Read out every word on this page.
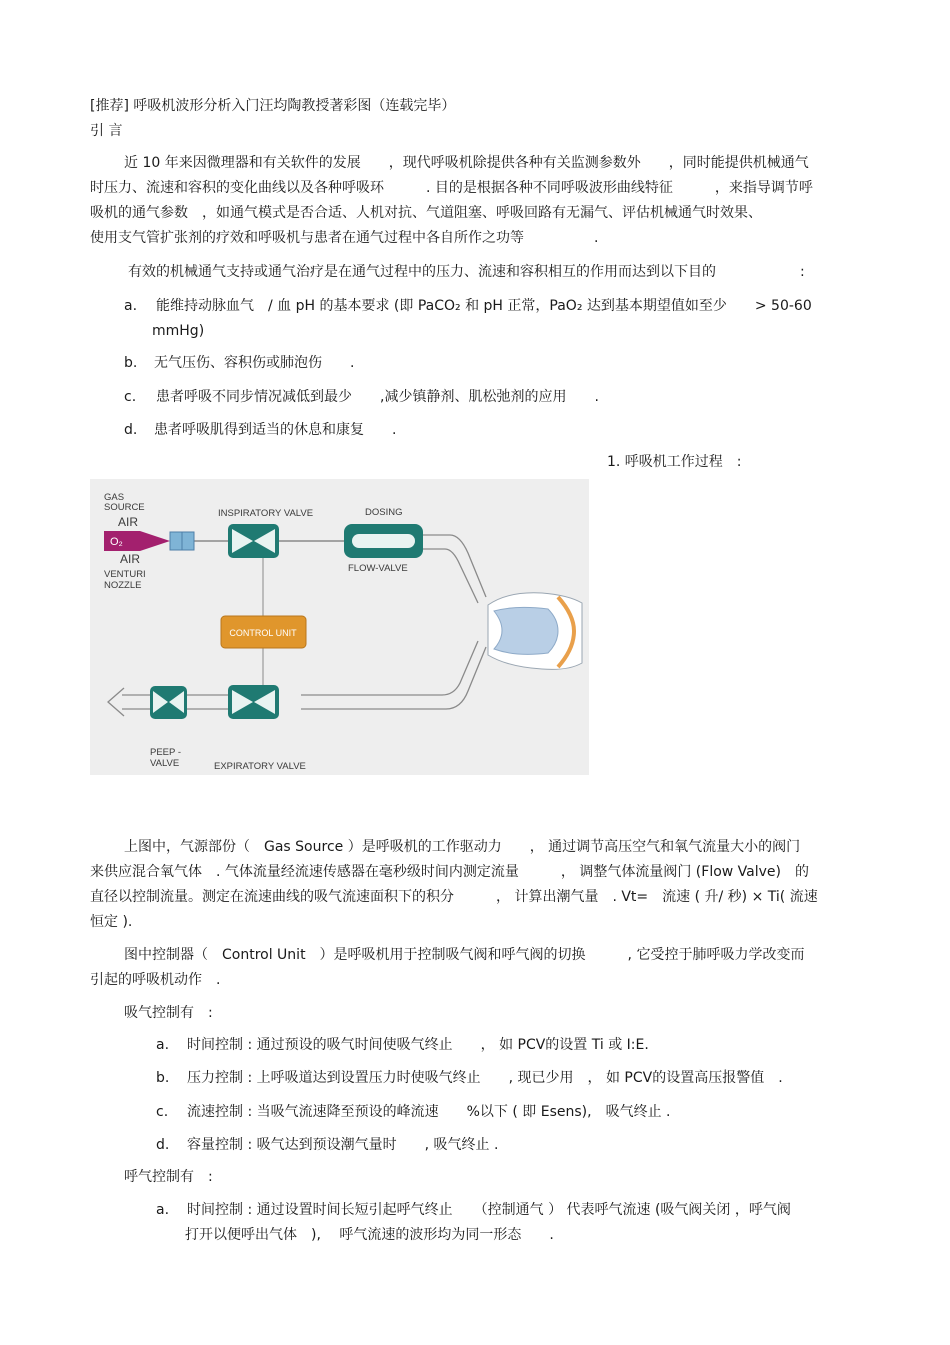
[推荐] 呼吸机波形分析入门汪均陶教授著彩图（连载完毕）
引 言
近 10 年来因微理器和有关软件的发展　　，现代呼吸机除提供各种有关监测参数外　　，同时能提供机械通气
时压力、流速和容积的变化曲线以及各种呼吸环　　　. 目的是根据各种不同呼吸波形曲线特征　　　，来指导调节呼
吸机的通气参数　，如通气模式是否合适、人机对抗、气道阻塞、呼吸回路有无漏气、评估机械通气时效果、
使用支气管扩张剂的疗效和呼吸机与患者在通气过程中各自所作之功等　　　　　.
有效的机械通气支持或通气治疗是在通气过程中的压力、流速和容积相互的作用而达到以下目的　　　　　　:
a. 能维持动脉血气　/ 血 pH 的基本要求 (即 PaCO₂ 和 pH 正常，PaO₂ 达到基本期望值如至少　　> 50-60
mmHg)
b. 无气压伤、容积伤或肺泡伤　　.
c. 患者呼吸不同步情况减低到最少　　,减少镇静剂、肌松弛剂的应用　　.
d. 患者呼吸肌得到适当的休息和康复　　.
1. 呼吸机工作过程　:
O₂
GAS
SOURCE
AIR
AIR
VENTURI
NOZZLE
INSPIRATORY VALVE	DOSING
FLOW-VALVE
CONTROL UNIT
EXPIRATORY VALVE
PEEP -
VALVE
上图中，气源部份（　Gas Source ）是呼吸机的工作驱动力　　， 通过调节高压空气和氧气流量大小的阀门
来供应混合氧气体　. 气体流量经流速传感器在毫秒级时间内测定流量　　　， 调整气体流量阀门 (Flow Valve)　的
直径以控制流量。测定在流速曲线的吸气流速面积下的积分　　　， 计算出潮气量　. Vt=　流速 ( 升/ 秒) × Ti( 流速
恒定 ).
图中控制器（　Control Unit　）是呼吸机用于控制吸气阀和呼气阀的切换　　　, 它受控于肺呼吸力学改变而
引起的呼吸机动作　.
吸气控制有　:
a. 时间控制 : 通过预设的吸气时间使吸气终止　　， 如 PCV的设置 Ti 或 I:E.
b. 压力控制 : 上呼吸道达到设置压力时使吸气终止　　, 现已少用　， 如 PCV的设置高压报警值　.
c. 流速控制 : 当吸气流速降至预设的峰流速　　%以下 ( 即 Esens),　吸气终止 .
d. 容量控制 : 吸气达到预设潮气量时　　, 吸气终止 .
呼气控制有　:
a. 时间控制 : 通过设置时间长短引起呼气终止　　（控制通气 ） 代表呼气流速 (吸气阀关闭 ，呼气阀
打开以便呼出气体　),　 呼气流速的波形均为同一形态　　.
